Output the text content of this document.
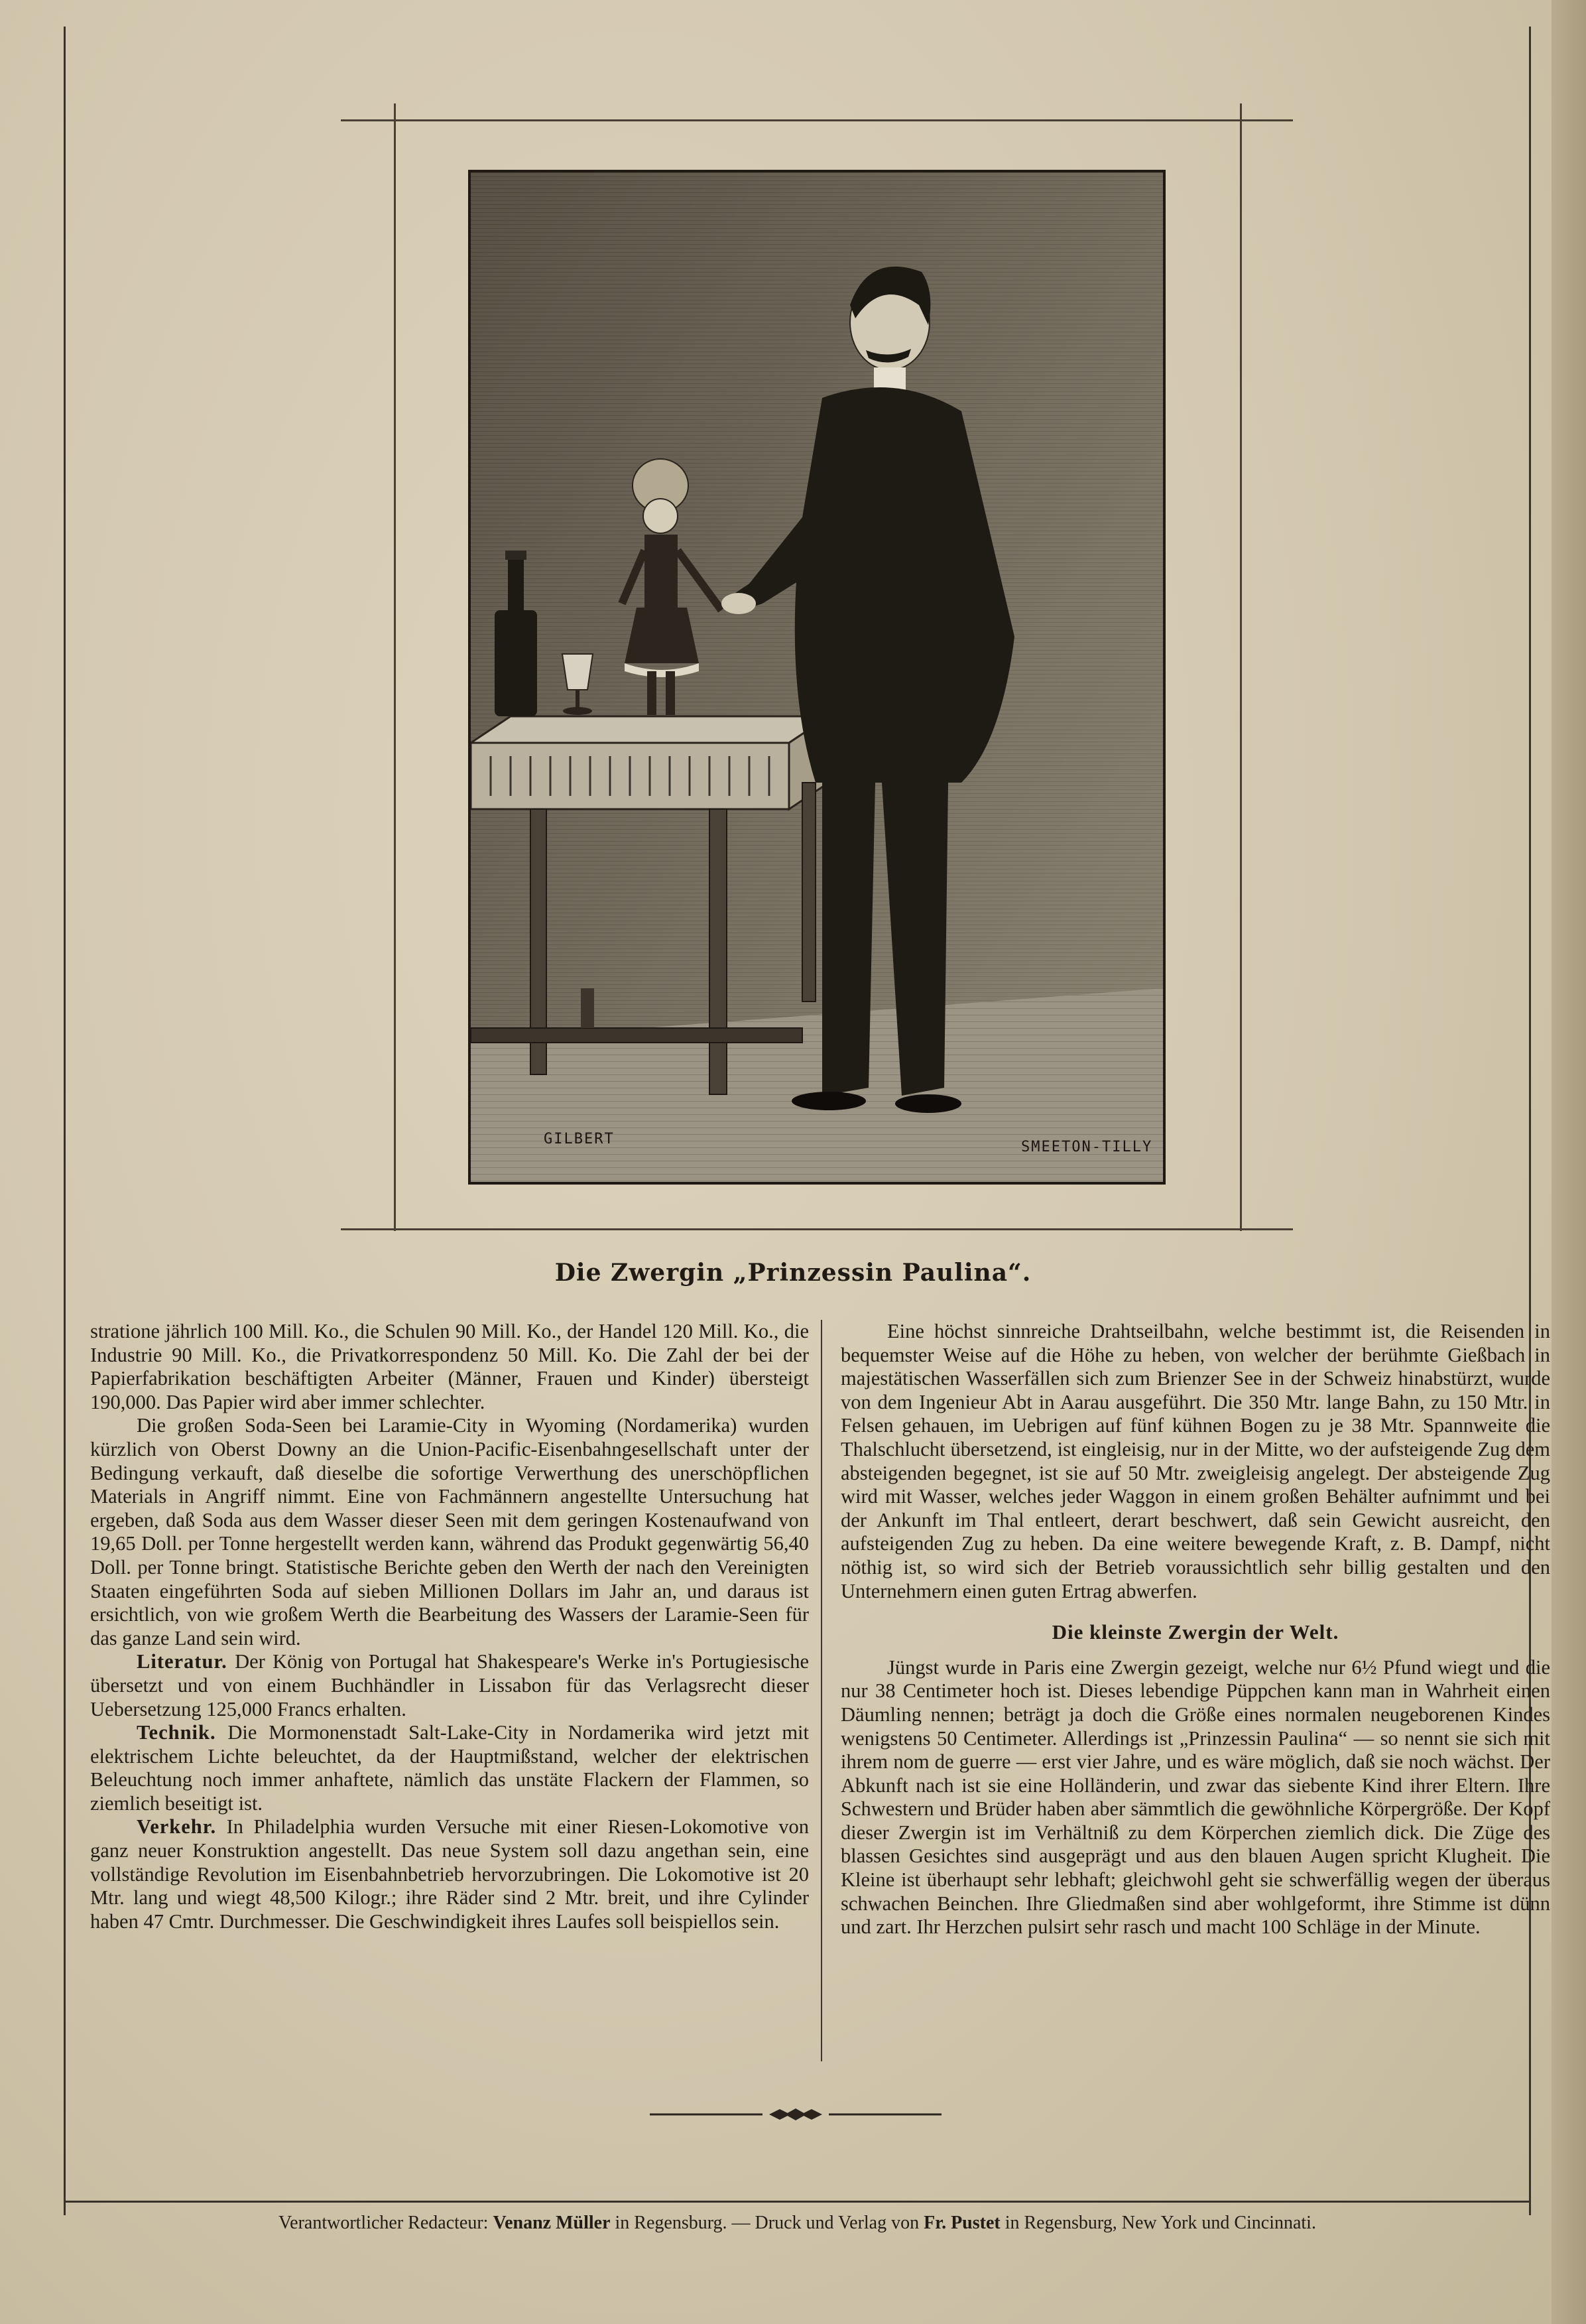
GILBERT	SMEETON-TILLY
Die Zwergin „Prinzessin Paulina“.

stratione jährlich 100 Mill. Ko., die Schulen 90 Mill. Ko., der Handel 120 Mill. Ko., die Industrie 90 Mill. Ko., die Privatkorrespondenz 50 Mill. Ko. Die Zahl der bei der Papierfabrikation beschäftigten Arbeiter (Männer, Frauen und Kinder) übersteigt 190,000. Das Papier wird aber immer schlechter.

Die großen Soda-Seen bei Laramie-City in Wyoming (Nordamerika) wurden kürzlich von Oberst Downy an die Union-Pacific-Eisenbahngesellschaft unter der Bedingung verkauft, daß dieselbe die sofortige Verwerthung des unerschöpflichen Materials in Angriff nimmt. Eine von Fachmännern angestellte Untersuchung hat ergeben, daß Soda aus dem Wasser dieser Seen mit dem geringen Kostenaufwand von 19,65 Doll. per Tonne hergestellt werden kann, während das Produkt gegenwärtig 56,40 Doll. per Tonne bringt. Statistische Berichte geben den Werth der nach den Vereinigten Staaten eingeführten Soda auf sieben Millionen Dollars im Jahr an, und daraus ist ersichtlich, von wie großem Werth die Bearbeitung des Wassers der Laramie-Seen für das ganze Land sein wird.

Literatur. Der König von Portugal hat Shakespeare's Werke in's Portugiesische übersetzt und von einem Buchhändler in Lissabon für das Verlagsrecht dieser Uebersetzung 125,000 Francs erhalten.

Technik. Die Mormonenstadt Salt-Lake-City in Nordamerika wird jetzt mit elektrischem Lichte beleuchtet, da der Hauptmißstand, welcher der elektrischen Beleuchtung noch immer anhaftete, nämlich das unstäte Flackern der Flammen, so ziemlich beseitigt ist.

Verkehr. In Philadelphia wurden Versuche mit einer Riesen-Lokomotive von ganz neuer Konstruktion angestellt. Das neue System soll dazu angethan sein, eine vollständige Revolution im Eisenbahnbetrieb hervorzubringen. Die Lokomotive ist 20 Mtr. lang und wiegt 48,500 Kilogr.; ihre Räder sind 2 Mtr. breit, und ihre Cylinder haben 47 Cmtr. Durchmesser. Die Geschwindigkeit ihres Laufes soll beispiellos sein.

Eine höchst sinnreiche Drahtseilbahn, welche bestimmt ist, die Reisenden in bequemster Weise auf die Höhe zu heben, von welcher der berühmte Gießbach in majestätischen Wasserfällen sich zum Brienzer See in der Schweiz hinabstürzt, wurde von dem Ingenieur Abt in Aarau ausgeführt. Die 350 Mtr. lange Bahn, zu 150 Mtr. in Felsen gehauen, im Uebrigen auf fünf kühnen Bogen zu je 38 Mtr. Spannweite die Thalschlucht übersetzend, ist eingleisig, nur in der Mitte, wo der aufsteigende Zug dem absteigenden begegnet, ist sie auf 50 Mtr. zweigleisig angelegt. Der absteigende Zug wird mit Wasser, welches jeder Waggon in einem großen Behälter aufnimmt und bei der Ankunft im Thal entleert, derart beschwert, daß sein Gewicht ausreicht, den aufsteigenden Zug zu heben. Da eine weitere bewegende Kraft, z. B. Dampf, nicht nöthig ist, so wird sich der Betrieb voraussichtlich sehr billig gestalten und den Unternehmern einen guten Ertrag abwerfen.

Die kleinste Zwergin der Welt.

Jüngst wurde in Paris eine Zwergin gezeigt, welche nur 6½ Pfund wiegt und die nur 38 Centimeter hoch ist. Dieses lebendige Püppchen kann man in Wahrheit einen Däumling nennen; beträgt ja doch die Größe eines normalen neugeborenen Kindes wenigstens 50 Centimeter. Allerdings ist „Prinzessin Paulina“ — so nennt sie sich mit ihrem nom de guerre — erst vier Jahre, und es wäre möglich, daß sie noch wächst. Der Abkunft nach ist sie eine Holländerin, und zwar das siebente Kind ihrer Eltern. Ihre Schwestern und Brüder haben aber sämmtlich die gewöhnliche Körpergröße. Der Kopf dieser Zwergin ist im Verhältniß zu dem Körperchen ziemlich dick. Die Züge des blassen Gesichtes sind ausgeprägt und aus den blauen Augen spricht Klugheit. Die Kleine ist überhaupt sehr lebhaft; gleichwohl geht sie schwerfällig wegen der überaus schwachen Beinchen. Ihre Gliedmaßen sind aber wohlgeformt, ihre Stimme ist dünn und zart. Ihr Herzchen pulsirt sehr rasch und macht 100 Schläge in der Minute.

Verantwortlicher Redacteur: Venanz Müller in Regensburg. — Druck und Verlag von Fr. Pustet in Regensburg, New York und Cincinnati.
